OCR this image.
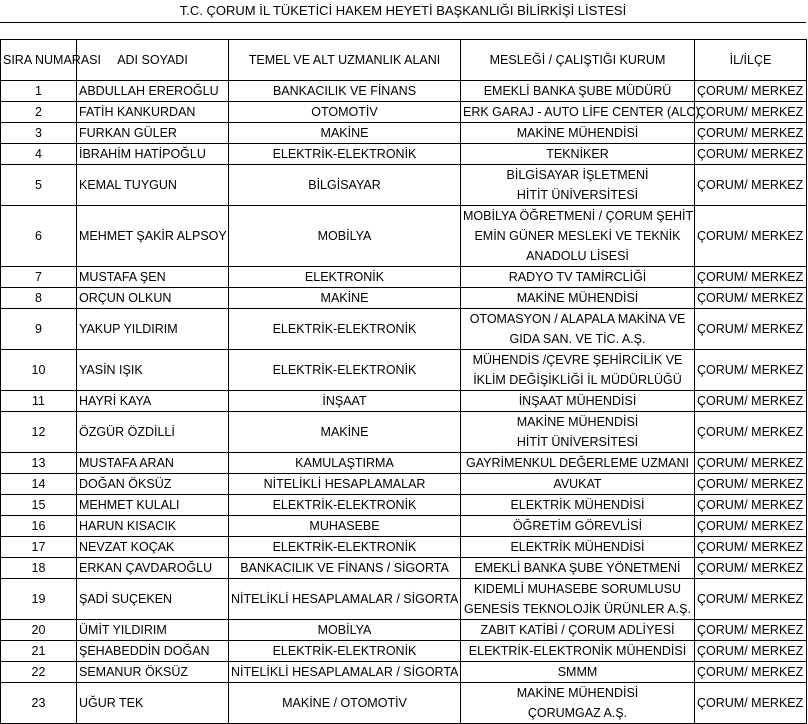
T.C. ÇORUM İL TÜKETİCİ HAKEM HEYETİ BAŞKANLIĞI BİLİRKİŞİ LİSTESİ
SIRA NUMARASI	ADI SOYADI	TEMEL VE ALT UZMANLIK ALANI	MESLEĞİ / ÇALIŞTIĞI KURUM	İL/İLÇE
1	ABDULLAH EREROĞLU	BANKACILIK VE FİNANS	EMEKLİ BANKA ŞUBE MÜDÜRÜ	ÇORUM/ MERKEZ
2	FATİH KANKURDAN	OTOMOTİV	ERK GARAJ - AUTO LİFE CENTER (ALC)	ÇORUM/ MERKEZ
3	FURKAN GÜLER	MAKİNE	MAKİNE MÜHENDİSİ	ÇORUM/ MERKEZ
4	İBRAHİM HATİPOĞLU	ELEKTRİK-ELEKTRONİK	TEKNİKER	ÇORUM/ MERKEZ
5	KEMAL TUYGUN	BİLGİSAYAR	BİLGİSAYAR İŞLETMENİ
HİTİT ÜNİVERSİTESİ	ÇORUM/ MERKEZ
6	MEHMET ŞAKİR ALPSOY	MOBİLYA	MOBİLYA ÖĞRETMENİ / ÇORUM ŞEHİT
EMİN GÜNER MESLEKİ VE TEKNİK
ANADOLU LİSESİ	ÇORUM/ MERKEZ
7	MUSTAFA ŞEN	ELEKTRONİK	RADYO TV TAMİRCLİĞİ	ÇORUM/ MERKEZ
8	ORÇUN OLKUN	MAKİNE	MAKİNE MÜHENDİSİ	ÇORUM/ MERKEZ
9	YAKUP YILDIRIM	ELEKTRİK-ELEKTRONİK	OTOMASYON / ALAPALA MAKİNA VE
GIDA SAN. VE TİC. A.Ş.	ÇORUM/ MERKEZ
10	YASİN IŞIK	ELEKTRİK-ELEKTRONİK	MÜHENDİS /ÇEVRE ŞEHİRCİLİK VE
İKLİM DEĞİŞİKLİĞİ İL MÜDÜRLÜĞÜ	ÇORUM/ MERKEZ
11	HAYRİ KAYA	İNŞAAT	İNŞAAT MÜHENDİSİ	ÇORUM/ MERKEZ
12	ÖZGÜR ÖZDİLLİ	MAKİNE	MAKİNE MÜHENDİSİ
HİTİT ÜNİVERSİTESİ	ÇORUM/ MERKEZ
13	MUSTAFA ARAN	KAMULAŞTIRMA	GAYRİMENKUL DEĞERLEME UZMANI	ÇORUM/ MERKEZ
14	DOĞAN ÖKSÜZ	NİTELİKLİ HESAPLAMALAR	AVUKAT	ÇORUM/ MERKEZ
15	MEHMET KULALI	ELEKTRİK-ELEKTRONİK	ELEKTRİK MÜHENDİSİ	ÇORUM/ MERKEZ
16	HARUN KISACIK	MUHASEBE	ÖĞRETİM GÖREVLİSİ	ÇORUM/ MERKEZ
17	NEVZAT KOÇAK	ELEKTRİK-ELEKTRONİK	ELEKTRİK MÜHENDİSİ	ÇORUM/ MERKEZ
18	ERKAN ÇAVDAROĞLU	BANKACILIK VE FİNANS / SİGORTA	EMEKLİ BANKA ŞUBE YÖNETMENİ	ÇORUM/ MERKEZ
19	ŞADİ SUÇEKEN	NİTELİKLİ HESAPLAMALAR / SİGORTA	KIDEMLİ MUHASEBE SORUMLUSU
GENESİS TEKNOLOJİK ÜRÜNLER A.Ş.	ÇORUM/ MERKEZ
20	ÜMİT YILDIRIM	MOBİLYA	ZABIT KATİBİ / ÇORUM ADLİYESİ	ÇORUM/ MERKEZ
21	ŞEHABEDDİN DOĞAN	ELEKTRİK-ELEKTRONİK	ELEKTRİK-ELEKTRONİK MÜHENDİSİ	ÇORUM/ MERKEZ
22	SEMANUR ÖKSÜZ	NİTELİKLİ HESAPLAMALAR / SİGORTA	SMMM	ÇORUM/ MERKEZ
23	UĞUR TEK	MAKİNE / OTOMOTİV	MAKİNE MÜHENDİSİ
ÇORUMGAZ A.Ş.	ÇORUM/ MERKEZ
